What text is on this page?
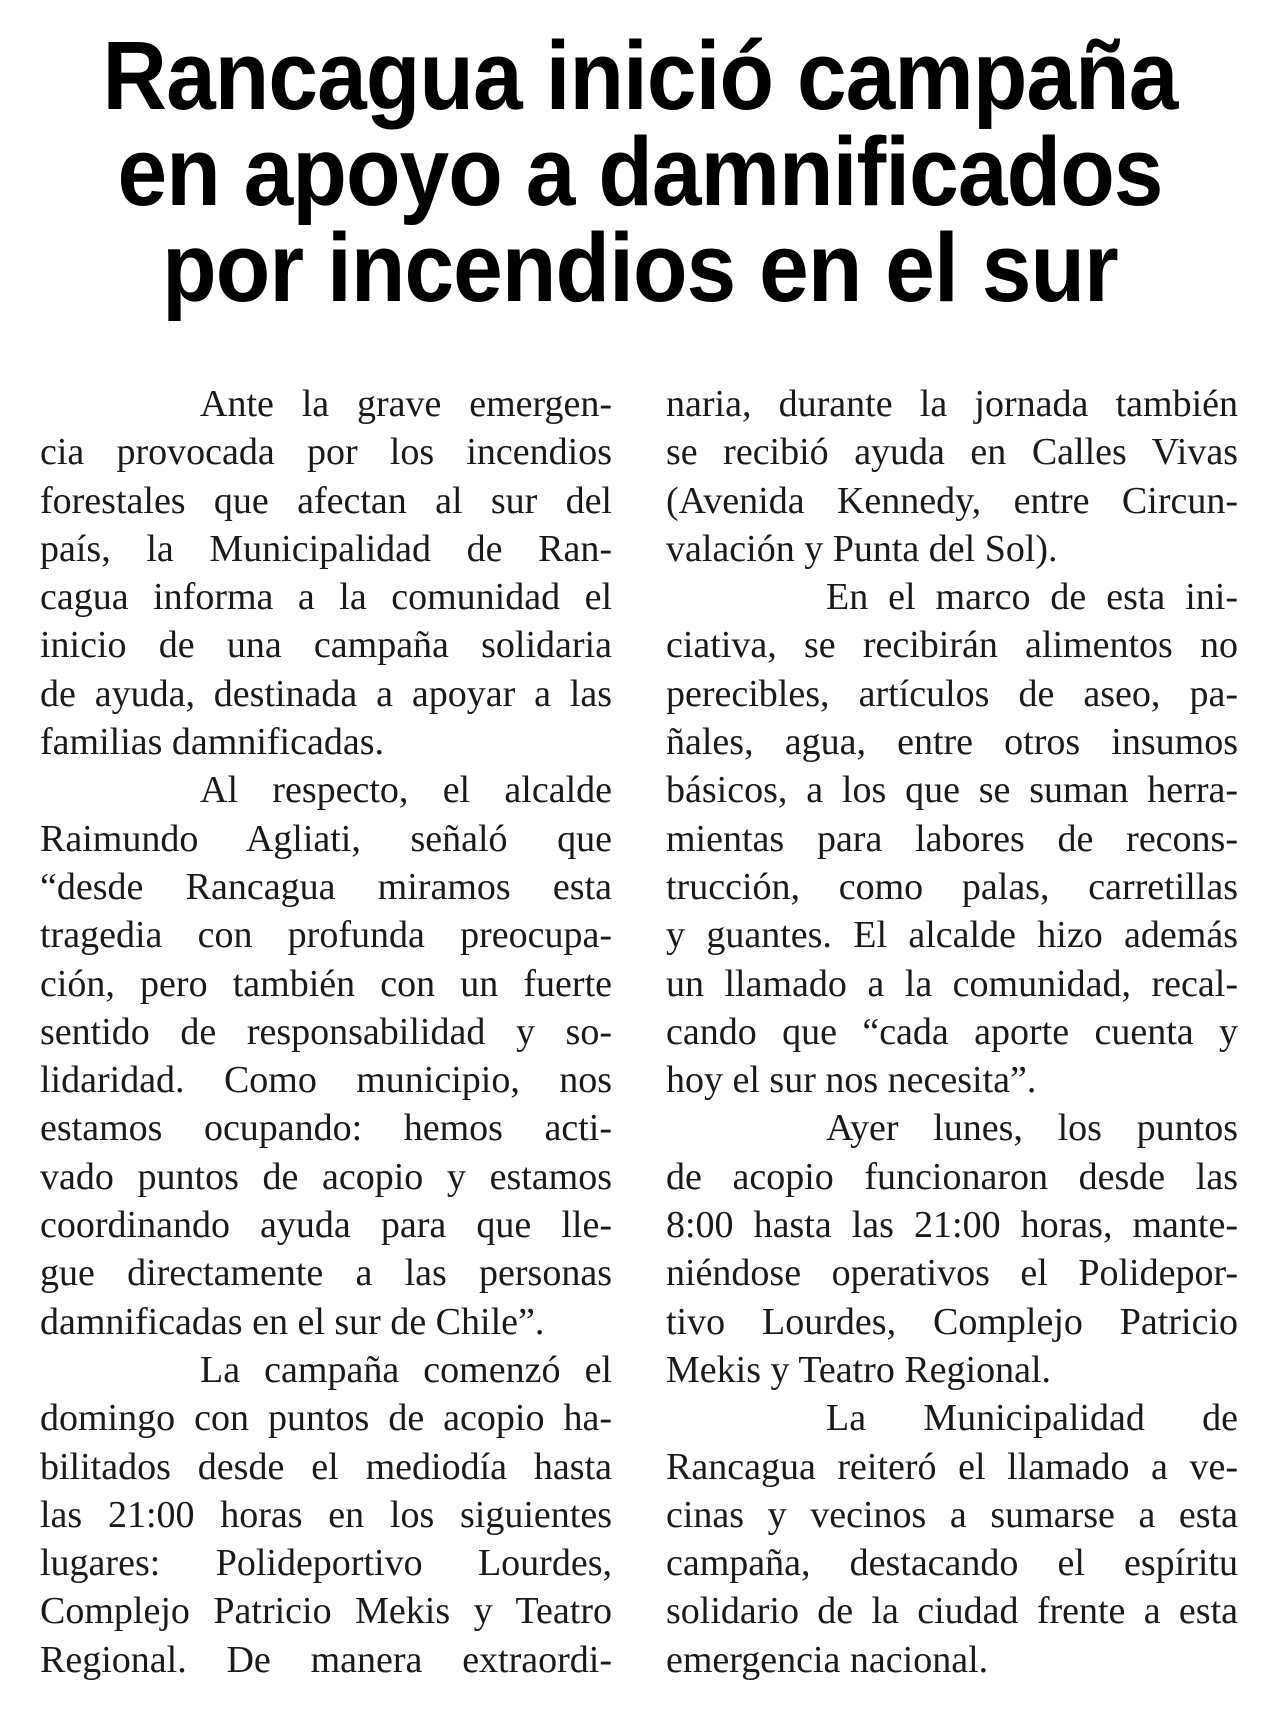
Rancagua inició campaña
en apoyo a damnificados
por incendios en el sur

Ante la grave emergen-

cia provocada por los incendios

forestales que afectan al sur del

país, la Municipalidad de Ran-

cagua informa a la comunidad el

inicio de una campaña solidaria

de ayuda, destinada a apoyar a las

familias damnificadas.

Al respecto, el alcalde

Raimundo Agliati, señaló que

“desde Rancagua miramos esta

tragedia con profunda preocupa-

ción, pero también con un fuerte

sentido de responsabilidad y so-

lidaridad. Como municipio, nos

estamos ocupando: hemos acti-

vado puntos de acopio y estamos

coordinando ayuda para que lle-

gue directamente a las personas

damnificadas en el sur de Chile”.

La campaña comenzó el

domingo con puntos de acopio ha-

bilitados desde el mediodía hasta

las 21:00 horas en los siguientes

lugares: Polideportivo Lourdes,

Complejo Patricio Mekis y Teatro

Regional. De manera extraordi-

naria, durante la jornada también

se recibió ayuda en Calles Vivas

(Avenida Kennedy, entre Circun-

valación y Punta del Sol).

En el marco de esta ini-

ciativa, se recibirán alimentos no

perecibles, artículos de aseo, pa-

ñales, agua, entre otros insumos

básicos, a los que se suman herra-

mientas para labores de recons-

trucción, como palas, carretillas

y guantes. El alcalde hizo además

un llamado a la comunidad, recal-

cando que “cada aporte cuenta y

hoy el sur nos necesita”.

Ayer lunes, los puntos

de acopio funcionaron desde las

8:00 hasta las 21:00 horas, mante-

niéndose operativos el Polidepor-

tivo Lourdes, Complejo Patricio

Mekis y Teatro Regional.

La Municipalidad de

Rancagua reiteró el llamado a ve-

cinas y vecinos a sumarse a esta

campaña, destacando el espíritu

solidario de la ciudad frente a esta

emergencia nacional.
